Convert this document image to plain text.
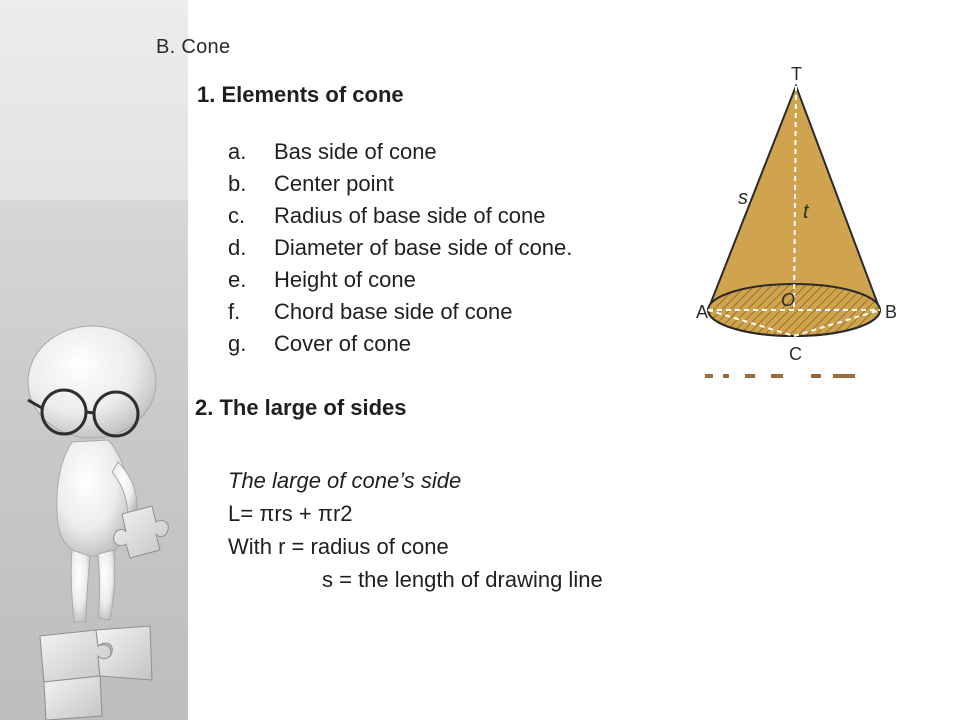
B. Cone
1. Elements of cone
a.	Bas side of cone
b.	Center point
c.	Radius of base side of cone
d.	Diameter of base side of cone.
e.	Height of cone
f.	Chord base side of cone
g.	Cover of cone
2. The large of sides
The large of cone’s side
L= πrs + πr2
With r = radius of cone
s = the length of drawing line
T
s
t
O
A	B
C
